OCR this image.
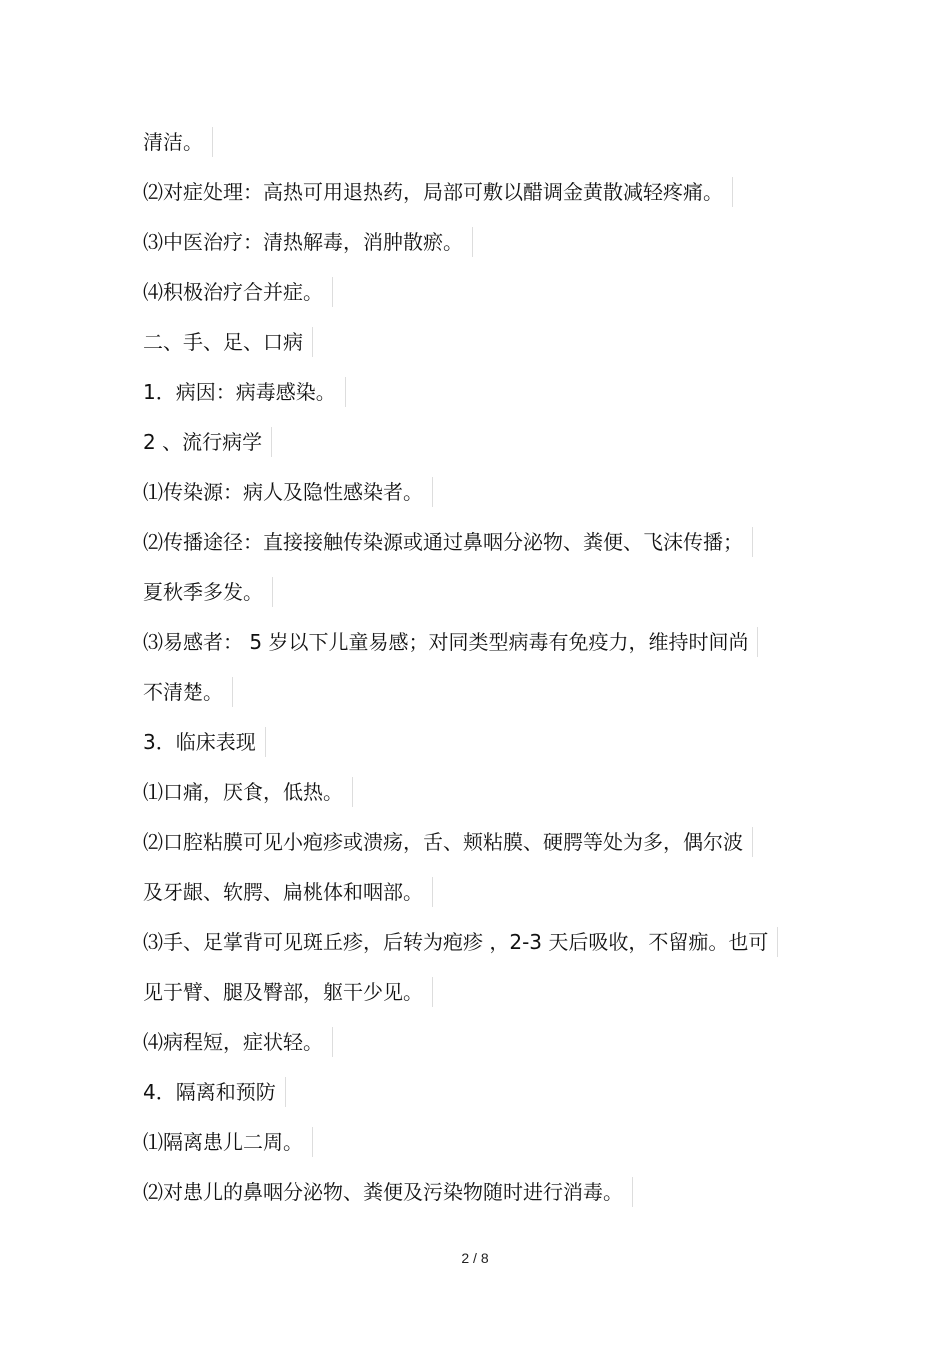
清洁。
⑵对症处理：高热可用退热药，局部可敷以醋调金黄散减轻疼痛。
⑶中医治疗：清热解毒，消肿散瘀。
⑷积极治疗合并症。
二、手、足、口病
1．病因：病毒感染。
2 、流行病学
⑴传染源：病人及隐性感染者。
⑵传播途径：直接接触传染源或通过鼻咽分泌物、粪便、飞沫传播；
夏秋季多发。
⑶易感者： 5 岁以下儿童易感；对同类型病毒有免疫力，维持时间尚
不清楚。
3．临床表现
⑴口痛，厌食，低热。
⑵口腔粘膜可见小疱疹或溃疡，舌、颊粘膜、硬腭等处为多，偶尔波
及牙龈、软腭、扁桃体和咽部。
⑶手、足掌背可见斑丘疹，后转为疱疹 ，2-3 天后吸收，不留痂。也可
见于臂、腿及臀部，躯干少见。
⑷病程短，症状轻。
4．隔离和预防
⑴隔离患儿二周。
⑵对患儿的鼻咽分泌物、粪便及污染物随时进行消毒。
2 / 8
